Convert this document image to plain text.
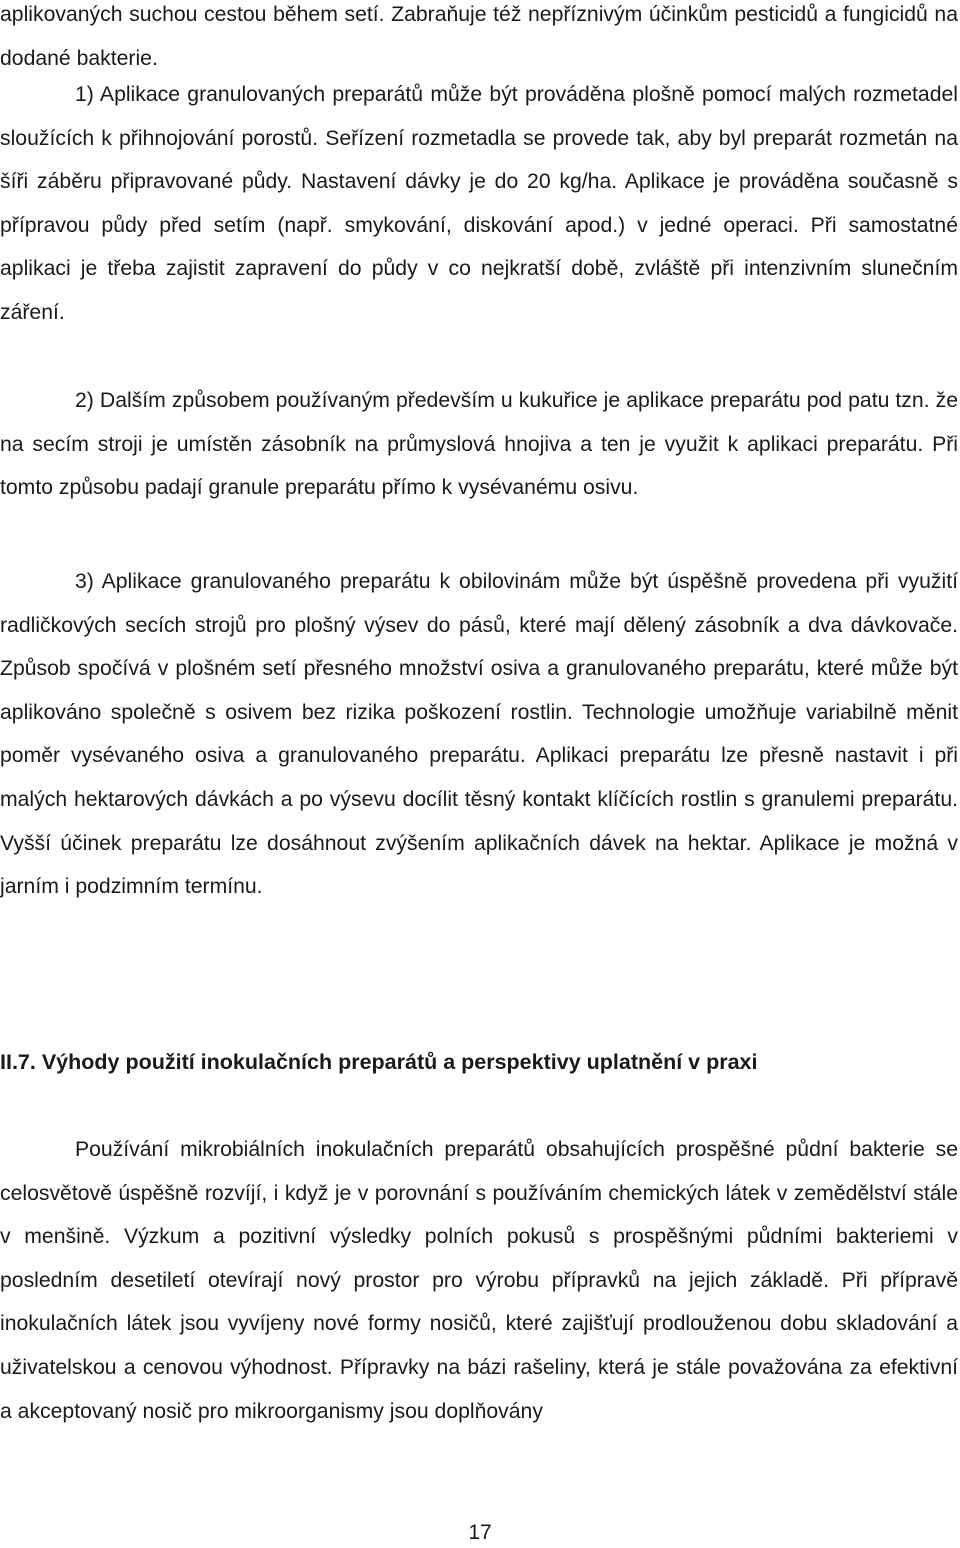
aplikovaných suchou cestou během setí. Zabraňuje též nepříznivým účinkům pesticidů a fungicidů na dodané bakterie.

1) Aplikace granulovaných preparátů může být prováděna plošně pomocí malých rozmetadel sloužících k přihnojování porostů. Seřízení rozmetadla se provede tak, aby byl preparát rozmetán na šíři záběru připravované půdy. Nastavení dávky je do 20 kg/ha. Aplikace je prováděna současně s přípravou půdy před setím (např. smykování, diskování apod.) v jedné operaci. Při samostatné aplikaci je třeba zajistit zapravení do půdy v co nejkratší době, zvláště při intenzivním slunečním záření.

2) Dalším způsobem používaným především u kukuřice je aplikace preparátu pod patu tzn. že na secím stroji je umístěn zásobník na průmyslová hnojiva a ten je využit k aplikaci preparátu. Při tomto způsobu padají granule preparátu přímo k vysévanému osivu.

3) Aplikace granulovaného preparátu k obilovinám může být úspěšně provedena při využití radličkových secích strojů pro plošný výsev do pásů, které mají dělený zásobník a dva dávkovače. Způsob spočívá v plošném setí přesného množství osiva a granulovaného preparátu, které může být aplikováno společně s osivem bez rizika poškození rostlin. Technologie umožňuje variabilně měnit poměr vysévaného osiva a granulovaného preparátu. Aplikaci preparátu lze přesně nastavit i při malých hektarových dávkách a po výsevu docílit těsný kontakt klíčících rostlin s granulemi preparátu. Vyšší účinek preparátu lze dosáhnout zvýšením aplikačních dávek na hektar. Aplikace je možná v jarním i podzimním termínu.

II.7. Výhody použití inokulačních preparátů a perspektivy uplatnění v praxi

Používání mikrobiálních inokulačních preparátů obsahujících prospěšné půdní bakterie se celosvětově úspěšně rozvíjí, i když je v porovnání s používáním chemických látek v zemědělství stále v menšině. Výzkum a pozitivní výsledky polních pokusů s prospěšnými půdními bakteriemi v posledním desetiletí otevírají nový prostor pro výrobu přípravků na jejich základě. Při přípravě inokulačních látek jsou vyvíjeny nové formy nosičů, které zajišťují prodlouženou dobu skladování a uživatelskou a cenovou výhodnost. Přípravky na bázi rašeliny, která je stále považována za efektivní a akceptovaný nosič pro mikroorganismy jsou doplňovány

17
